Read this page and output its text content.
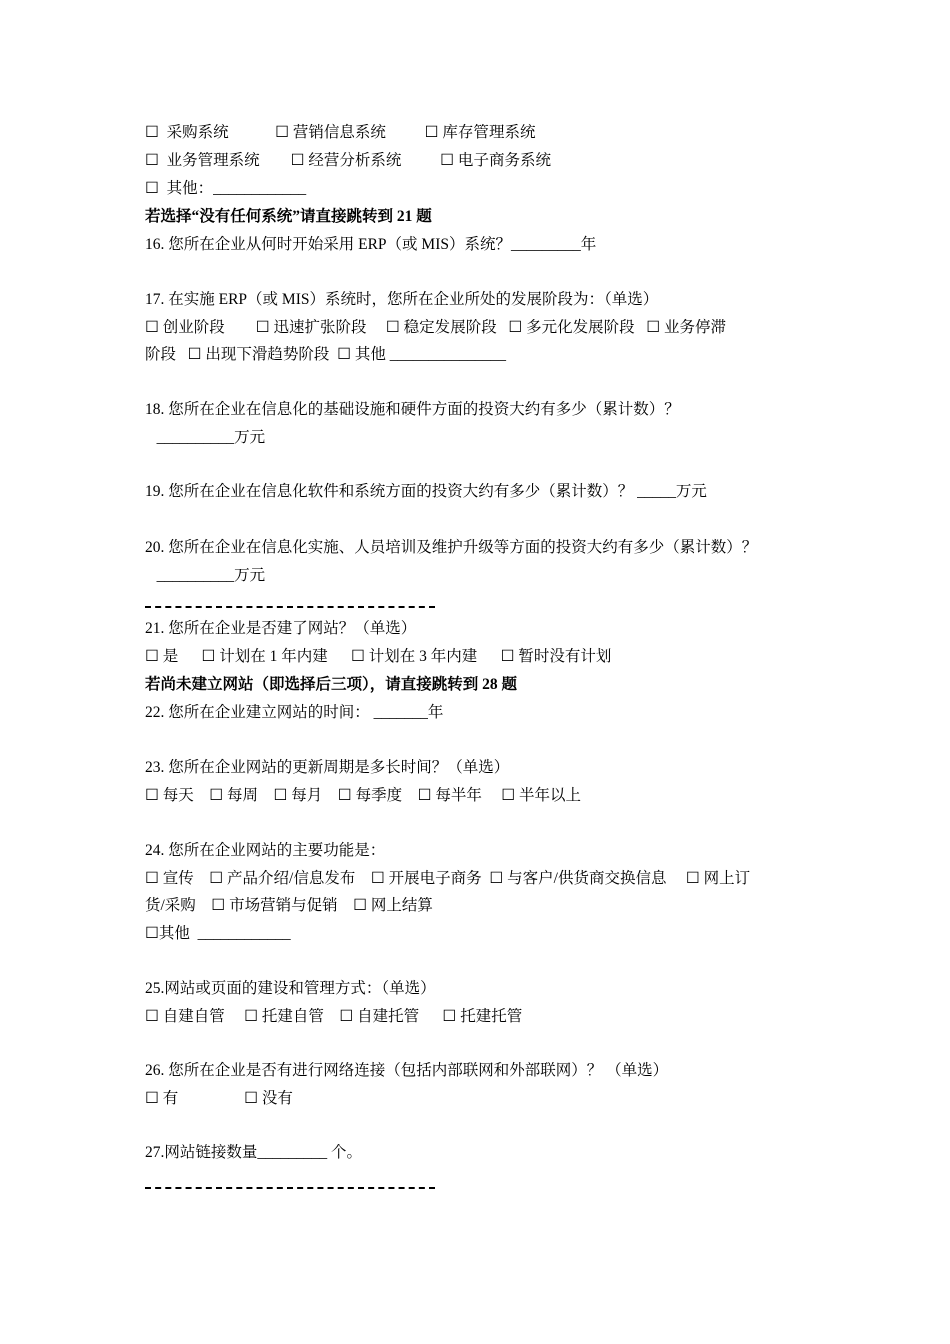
☐  采购系统            ☐ 营销信息系统          ☐ 库存管理系统
☐  业务管理系统        ☐ 经营分析系统          ☐ 电子商务系统
☐  其他：____________
若选择“没有任何系统”请直接跳转到 21 题
16. 您所在企业从何时开始采用 ERP（或 MIS）系统？_________年
17. 在实施 ERP（或 MIS）系统时，您所在企业所处的发展阶段为：（单选）
☐ 创业阶段        ☐ 迅速扩张阶段     ☐ 稳定发展阶段   ☐ 多元化发展阶段   ☐ 业务停滞
阶段   ☐ 出现下滑趋势阶段  ☐ 其他 _______________
18. 您所在企业在信息化的基础设施和硬件方面的投资大约有多少（累计数）？
__________万元
19. 您所在企业在信息化软件和系统方面的投资大约有多少（累计数）？ _____万元
20. 您所在企业在信息化实施、人员培训及维护升级等方面的投资大约有多少（累计数）？
__________万元
21. 您所在企业是否建了网站？（单选）
☐ 是      ☐ 计划在 1 年内建      ☐ 计划在 3 年内建      ☐ 暂时没有计划
若尚未建立网站（即选择后三项），请直接跳转到 28 题
22. 您所在企业建立网站的时间： _______年
23. 您所在企业网站的更新周期是多长时间？（单选）
☐ 每天    ☐ 每周    ☐ 每月    ☐ 每季度    ☐ 每半年     ☐ 半年以上
24. 您所在企业网站的主要功能是：
☐ 宣传    ☐ 产品介绍/信息发布    ☐ 开展电子商务  ☐ 与客户/供货商交换信息     ☐ 网上订
货/采购    ☐ 市场营销与促销    ☐ 网上结算
☐其他  ____________
25.网站或页面的建设和管理方式：（单选）
☐ 自建自管     ☐ 托建自管    ☐ 自建托管      ☐ 托建托管
26. 您所在企业是否有进行网络连接（包括内部联网和外部联网）？ （单选）
☐ 有                 ☐ 没有
27.网站链接数量_________ 个。
